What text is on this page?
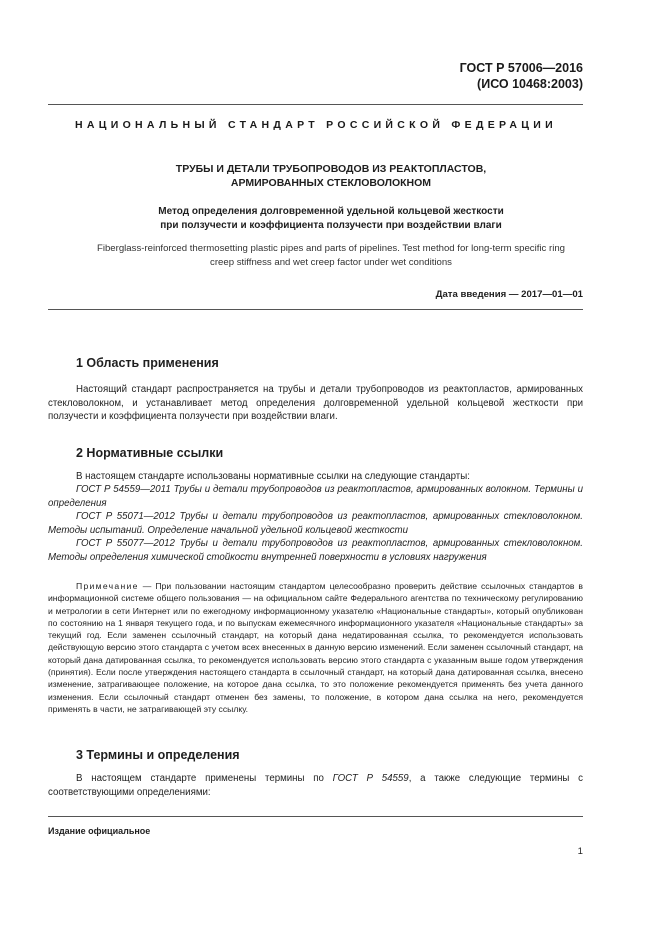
ГОСТ Р 57006—2016
(ИСО 10468:2003)
НАЦИОНАЛЬНЫЙ СТАНДАРТ РОССИЙСКОЙ ФЕДЕРАЦИИ
ТРУБЫ И ДЕТАЛИ ТРУБОПРОВОДОВ ИЗ РЕАКТОПЛАСТОВ,
АРМИРОВАННЫХ СТЕКЛОВОЛОКНОМ
Метод определения долговременной удельной кольцевой жесткости
при ползучести и коэффициента ползучести при воздействии влаги
Fiberglass-reinforced thermosetting plastic pipes and parts of pipelines. Test method for long-term specific ring
creep stiffness and wet creep factor under wet conditions
Дата введения — 2017—01—01
1 Область применения
Настоящий стандарт распространяется на трубы и детали трубопроводов из реактопластов, армированных стекловолокном, и устанавливает метод определения долговременной удельной кольцевой жесткости при ползучести и коэффициента ползучести при воздействии влаги.
2 Нормативные ссылки
В настоящем стандарте использованы нормативные ссылки на следующие стандарты:
ГОСТ Р 54559—2011 Трубы и детали трубопроводов из реактопластов, армированных волокном. Термины и определения
ГОСТ Р 55071—2012 Трубы и детали трубопроводов из реактопластов, армированных стекловолокном. Методы испытаний. Определение начальной удельной кольцевой жесткости
ГОСТ Р 55077—2012 Трубы и детали трубопроводов из реактопластов, армированных стекловолокном. Методы определения химической стойкости внутренней поверхности в условиях нагружения
Примечание — При пользовании настоящим стандартом целесообразно проверить действие ссылочных стандартов в информационной системе общего пользования — на официальном сайте Федерального агентства по техническому регулированию и метрологии в сети Интернет или по ежегодному информационному указателю «Национальные стандарты», который опубликован по состоянию на 1 января текущего года, и по выпускам ежемесячного информационного указателя «Национальные стандарты» за текущий год. Если заменен ссылочный стандарт, на который дана недатированная ссылка, то рекомендуется использовать действующую версию этого стандарта с учетом всех внесенных в данную версию изменений. Если заменен ссылочный стандарт, на который дана датированная ссылка, то рекомендуется использовать версию этого стандарта с указанным выше годом утверждения (принятия). Если после утверждения настоящего стандарта в ссылочный стандарт, на который дана датированная ссылка, внесено изменение, затрагивающее положение, на которое дана ссылка, то это положение рекомендуется применять без учета данного изменения. Если ссылочный стандарт отменен без замены, то положение, в котором дана ссылка на него, рекомендуется применять в части, не затрагивающей эту ссылку.
3 Термины и определения
В настоящем стандарте применены термины по ГОСТ Р 54559, а также следующие термины с соответствующими определениями:
Издание официальное
1
